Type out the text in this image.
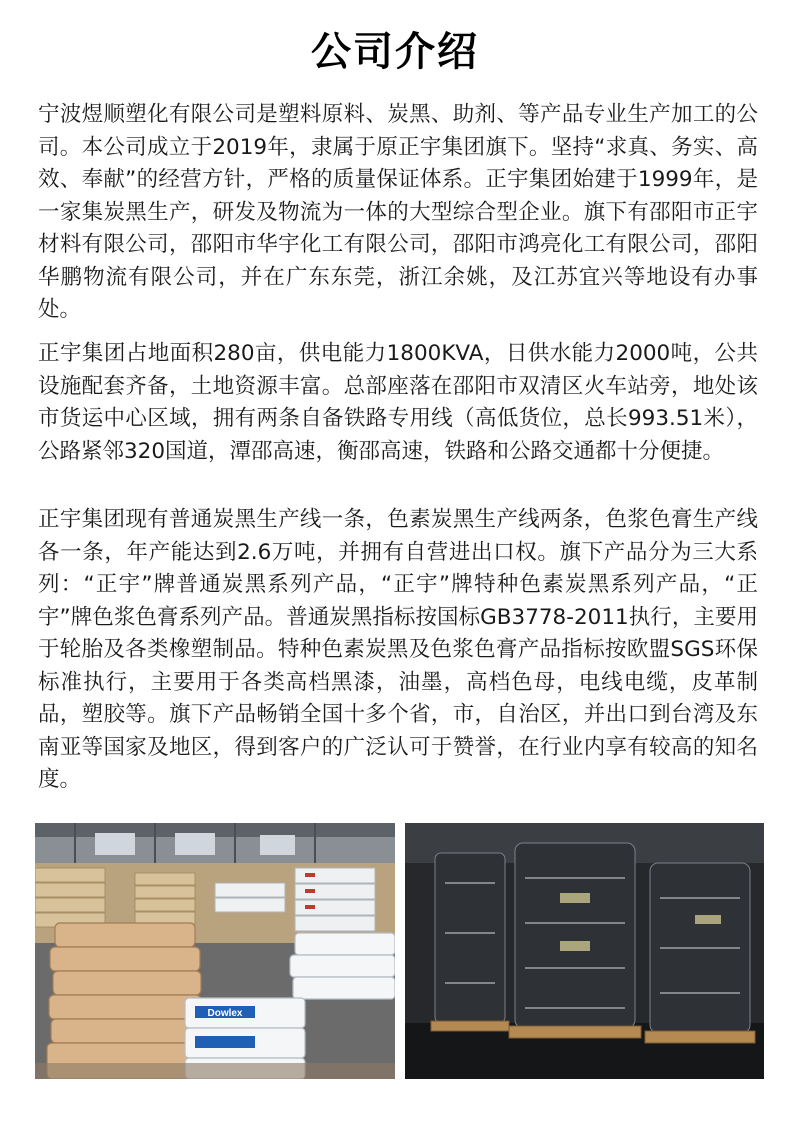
公司介绍

宁波煜顺塑化有限公司是塑料原料、炭黑、助剂、等产品专业生产加工的公司。本公司成立于2019年，隶属于原正宇集团旗下。坚持“求真、务实、高效、奉献”的经营方针，严格的质量保证体系。正宇集团始建于1999年，是一家集炭黑生产，研发及物流为一体的大型综合型企业。旗下有邵阳市正宇材料有限公司，邵阳市华宇化工有限公司，邵阳市鸿亮化工有限公司，邵阳华鹏物流有限公司，并在广东东莞，浙江余姚，及江苏宜兴等地设有办事处。

正宇集团占地面积280亩，供电能力1800KVA，日供水能力2000吨，公共设施配套齐备，土地资源丰富。总部座落在邵阳市双清区火车站旁，地处该市货运中心区域，拥有两条自备铁路专用线（高低货位，总长993.51米），公路紧邻320国道，潭邵高速，衡邵高速，铁路和公路交通都十分便捷。

正宇集团现有普通炭黑生产线一条，色素炭黑生产线两条，色浆色膏生产线各一条，年产能达到2.6万吨，并拥有自营进出口权。旗下产品分为三大系列：“正宇”牌普通炭黑系列产品，“正宇”牌特种色素炭黑系列产品，“正宇”牌色浆色膏系列产品。普通炭黑指标按国标GB3778-2011执行，主要用于轮胎及各类橡塑制品。特种色素炭黑及色浆色膏产品指标按欧盟SGS环保标准执行，主要用于各类高档黑漆，油墨，高档色母，电线电缆，皮革制品，塑胶等。旗下产品畅销全国十多个省，市，自治区，并出口到台湾及东南亚等国家及地区，得到客户的广泛认可于赞誉，在行业内享有较高的知名度。

Dowlex
